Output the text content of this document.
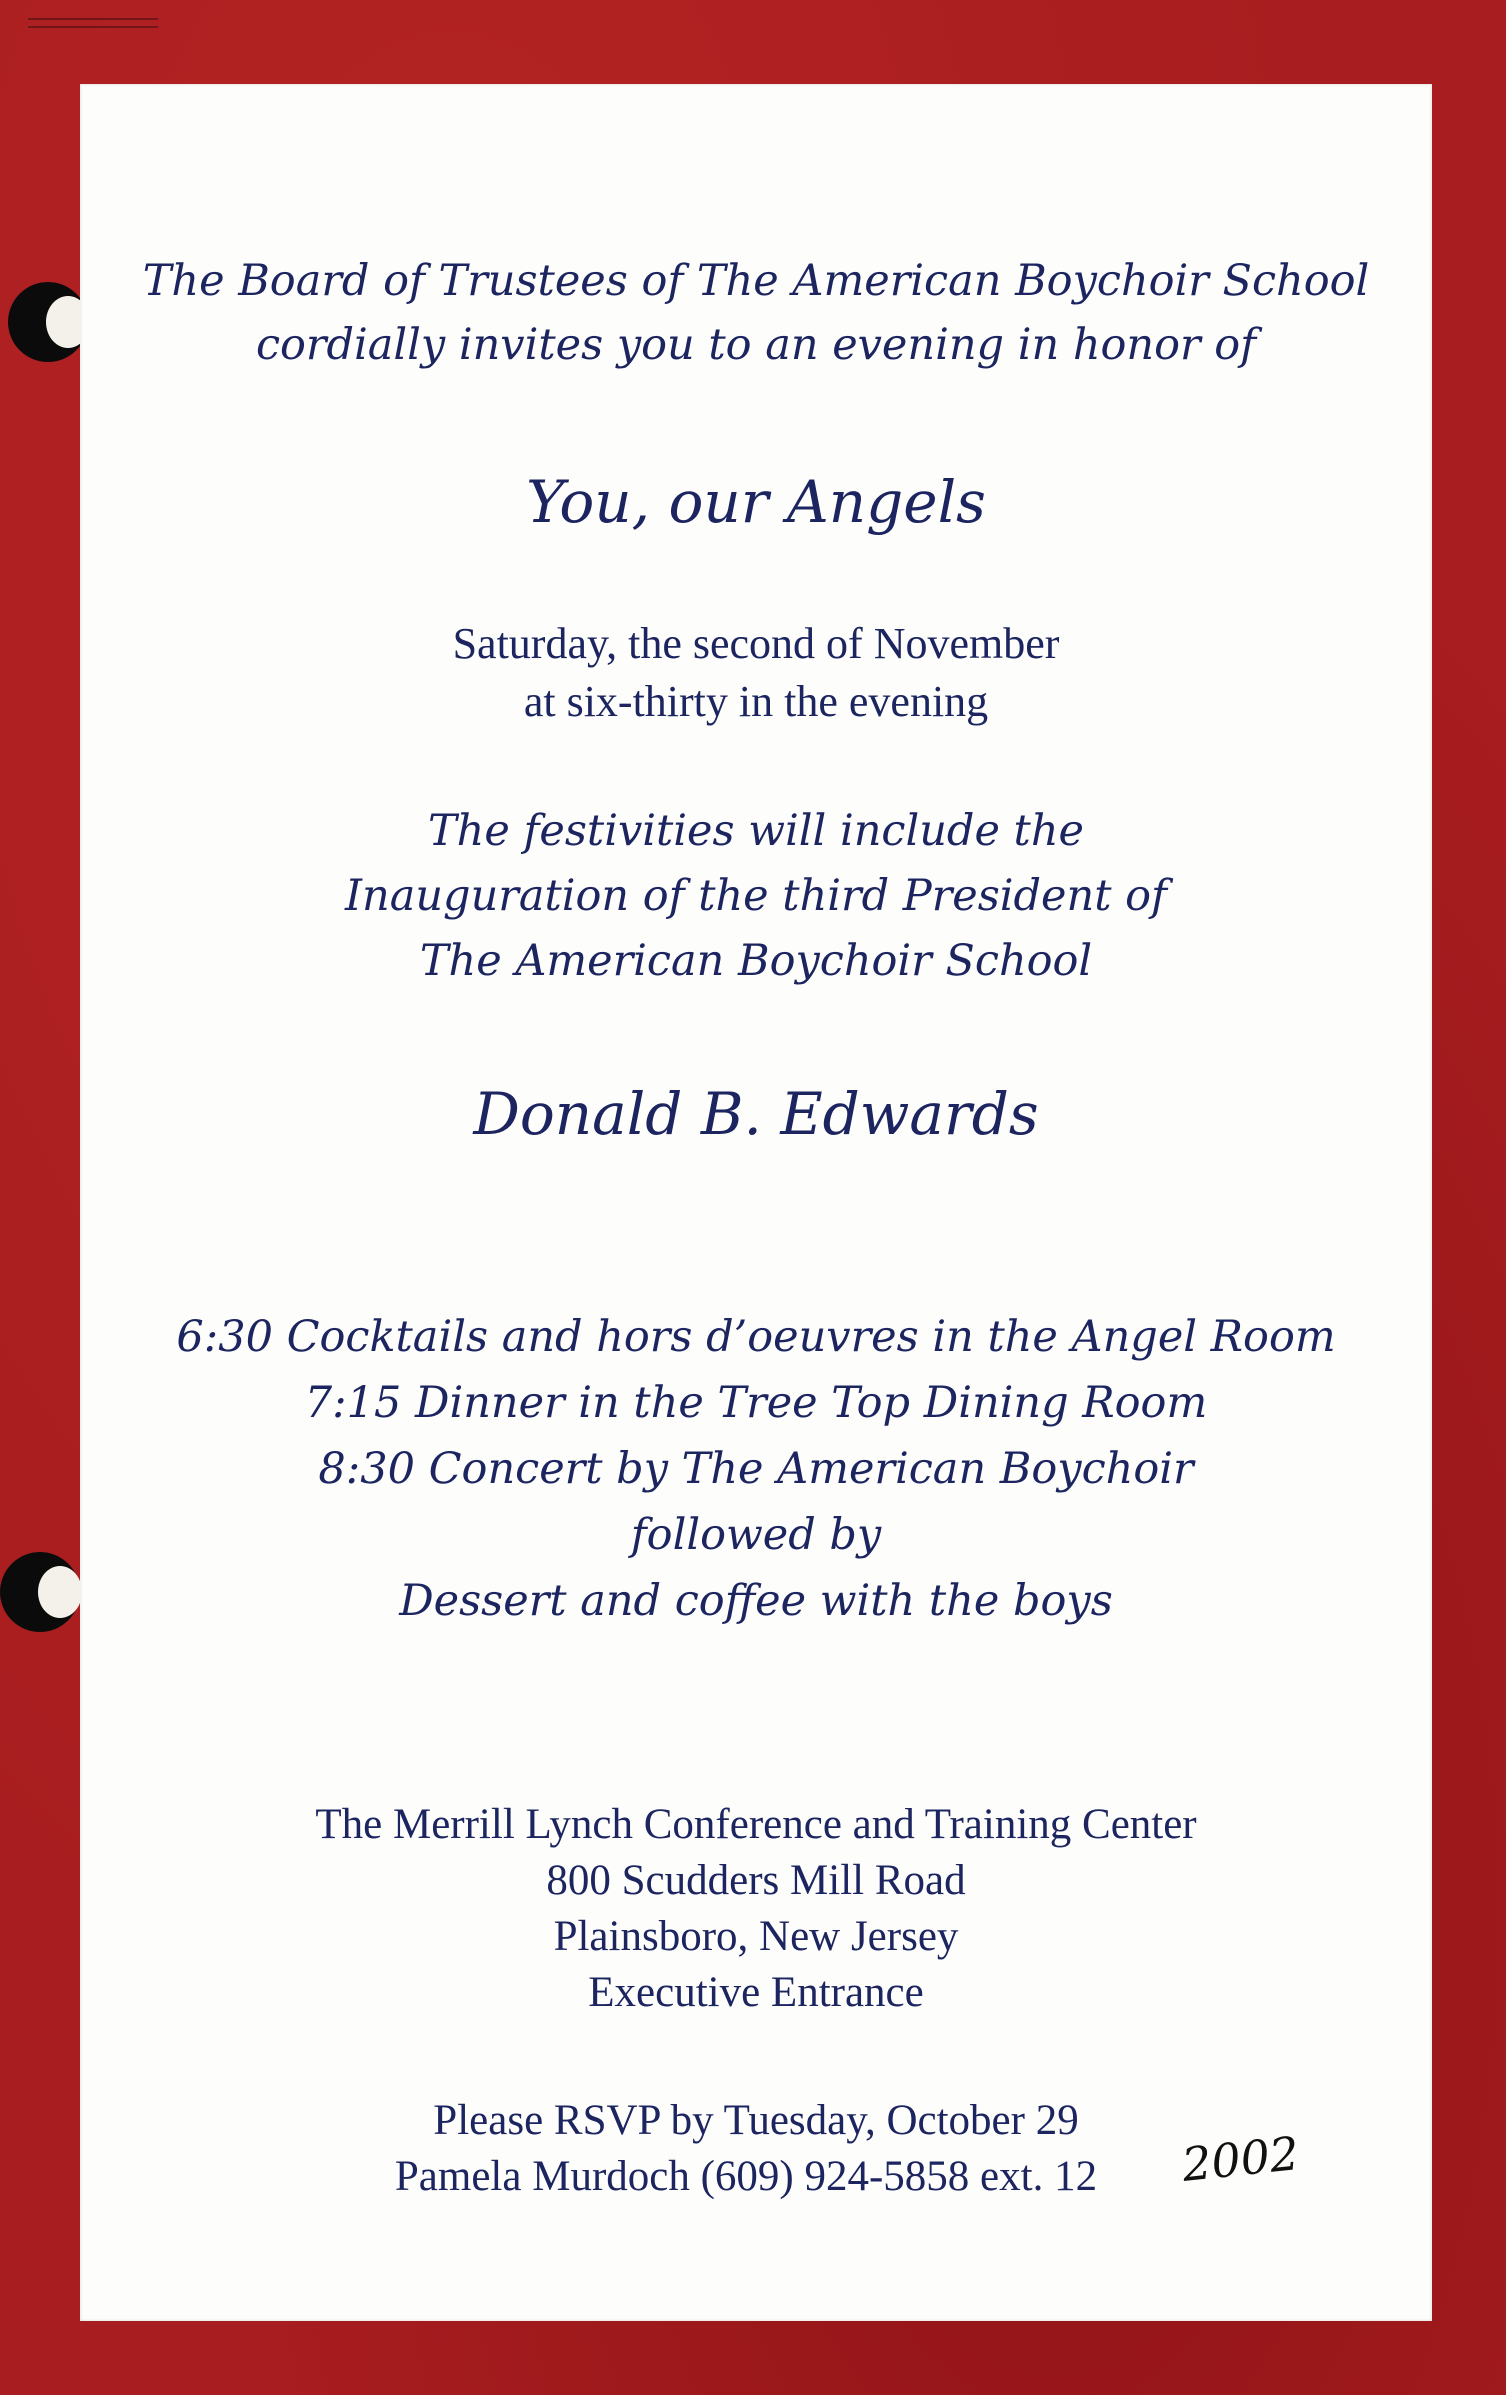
The Board of Trustees of The American Boychoir School
cordially invites you to an evening in honor of
You, our Angels
Saturday, the second of November
at six-thirty in the evening
The festivities will include the
Inauguration of the third President of
The American Boychoir School
Donald B. Edwards
6:30 Cocktails and hors d’oeuvres in the Angel Room
7:15 Dinner in the Tree Top Dining Room
8:30 Concert by The American Boychoir
followed by
Dessert and coffee with the boys
The Merrill Lynch Conference and Training Center
800 Scudders Mill Road
Plainsboro, New Jersey
Executive Entrance
Please RSVP by Tuesday, October 29
Pamela Murdoch (609) 924-5858 ext. 12	2002
